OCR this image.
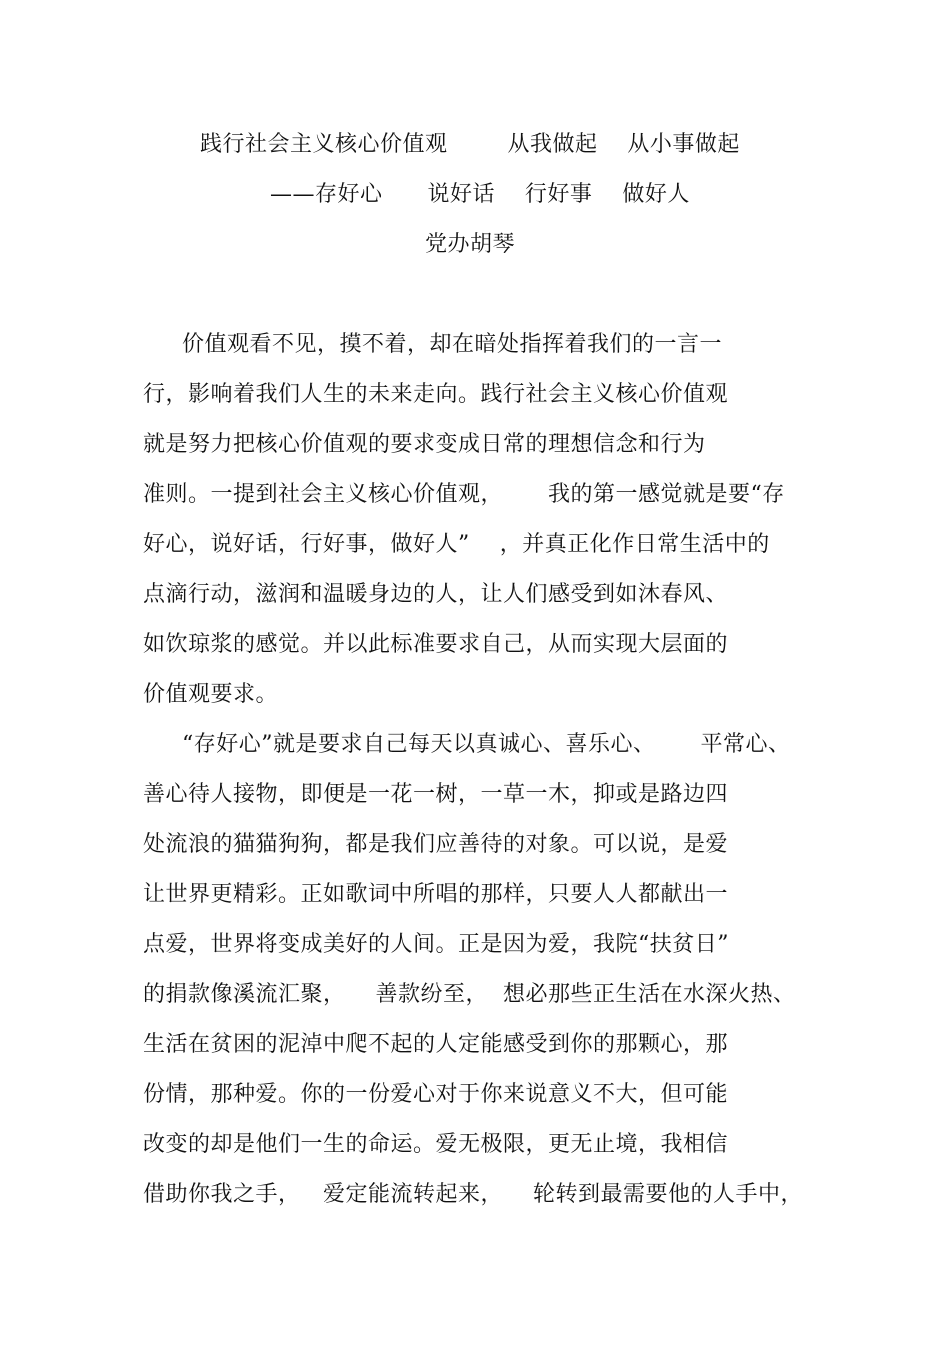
践行社会主义核心价值观        从我做起    从小事做起
——存好心      说好话    行好事    做好人
党办胡琴
价值观看不见，摸不着，却在暗处指挥着我们的一言一
行，影响着我们人生的未来走向。践行社会主义核心价值观
就是努力把核心价值观的要求变成日常的理想信念和行为
准则。一提到社会主义核心价值观，      我的第一感觉就是要“存
好心，说好话，行好事，做好人”    ，并真正化作日常生活中的
点滴行动，滋润和温暖身边的人，让人们感受到如沐春风、
如饮琼浆的感觉。并以此标准要求自己，从而实现大层面的
价值观要求。
“存好心”就是要求自己每天以真诚心、喜乐心、      平常心、
善心待人接物，即便是一花一树，一草一木，抑或是路边四
处流浪的猫猫狗狗，都是我们应善待的对象。可以说，是爱
让世界更精彩。正如歌词中所唱的那样，只要人人都献出一
点爱，世界将变成美好的人间。正是因为爱，我院“扶贫日”
的捐款像溪流汇聚，    善款纷至，  想必那些正生活在水深火热、
生活在贫困的泥淖中爬不起的人定能感受到你的那颗心，那
份情，那种爱。你的一份爱心对于你来说意义不大，但可能
改变的却是他们一生的命运。爱无极限，更无止境，我相信
借助你我之手，   爱定能流转起来，    轮转到最需要他的人手中，
